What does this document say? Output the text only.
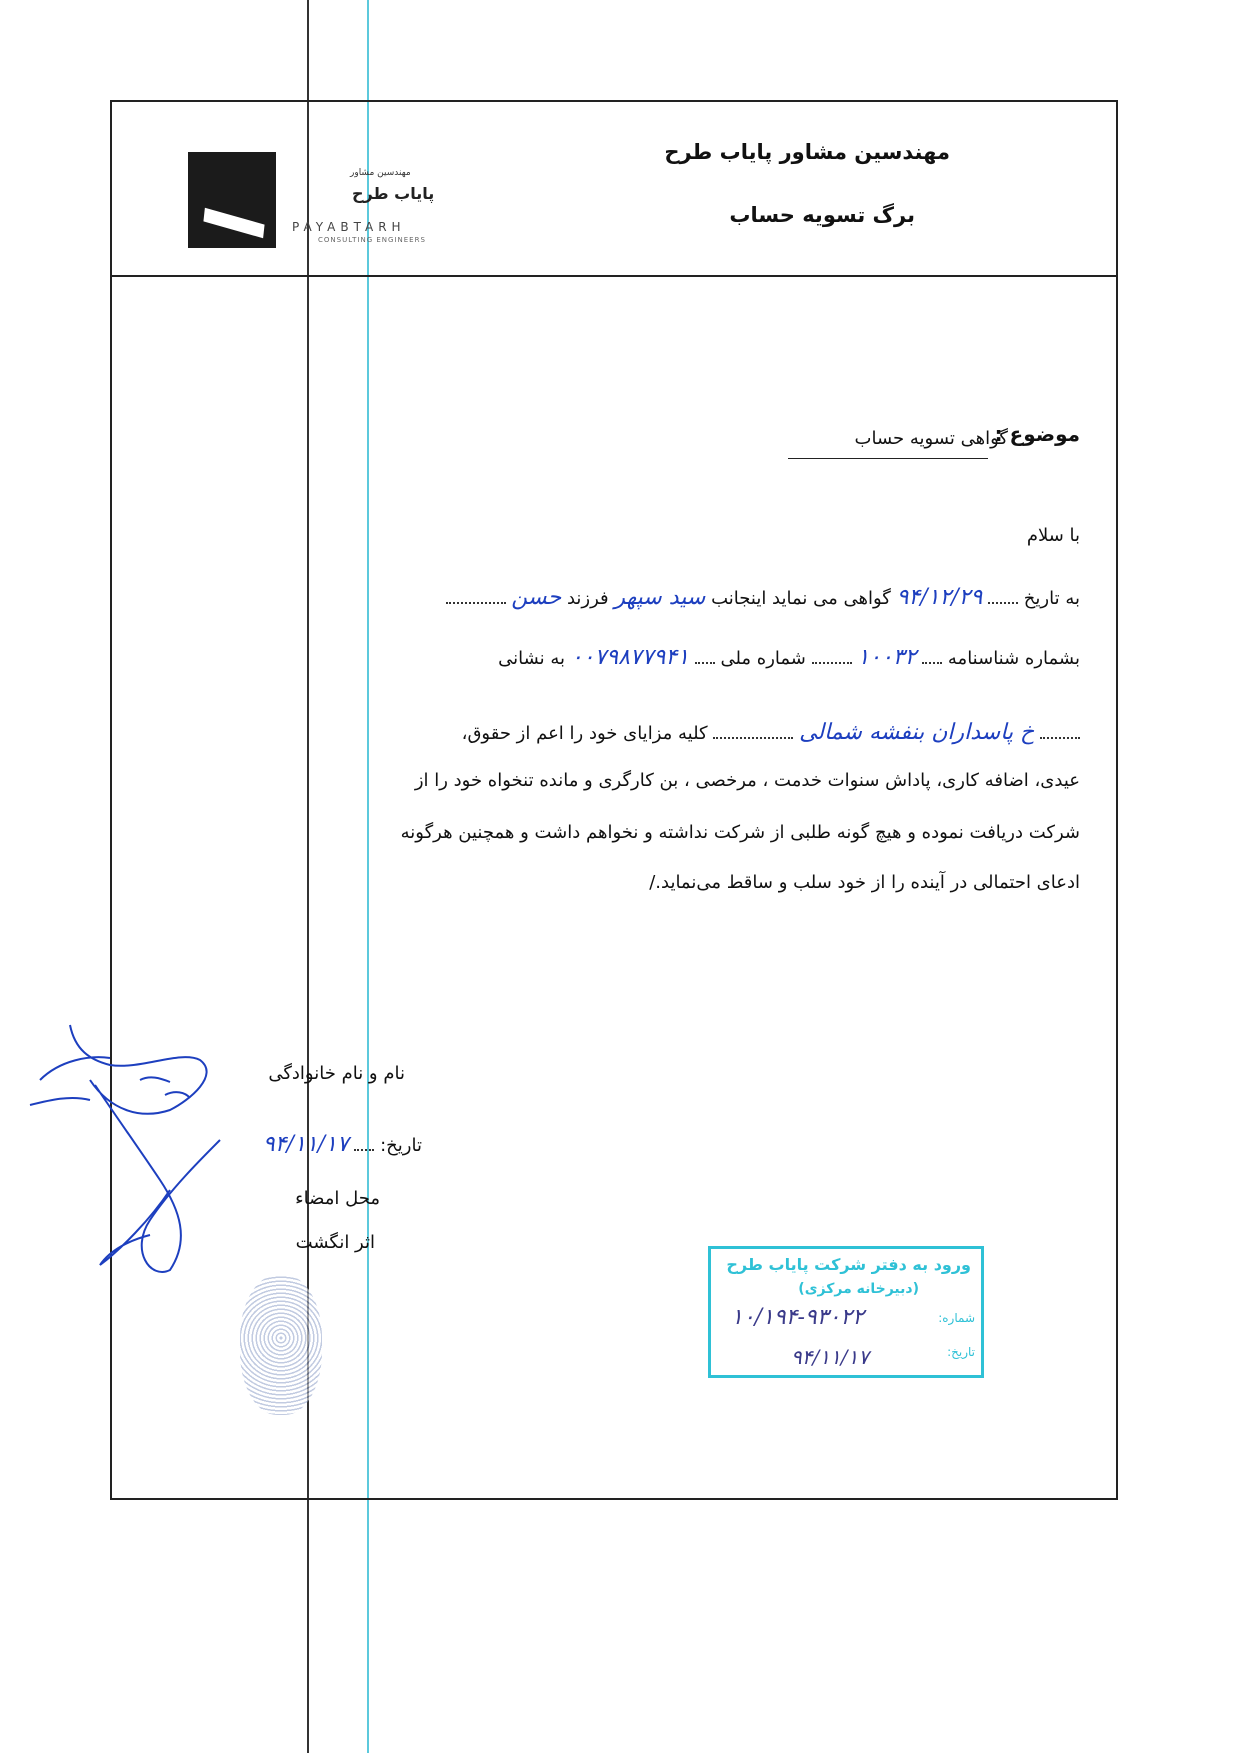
مهندسین مشاور
پایاب طرح
PAYABTARH
CONSULTING ENGINEERS
مهندسین مشاور پایاب طرح
برگ تسویه حساب
موضوع :
گواهی تسویه حساب
با سلام
به تاریخ  ۹۴/۱۲/۲۹ گواهی می نماید اینجانب سید سپهر فرزند حسن
بشماره شناسنامه  ۱۰۰۳۲  شماره ملی  ۰۰۷۹۸۷۷۹۴۱ به نشانی
خ پاسداران بنفشه شمالی  کلیه مزایای خود را اعم از حقوق،
عیدی، اضافه کاری، پاداش سنوات خدمت ، مرخصی ، بن کارگری و مانده تنخواه خود را از
شرکت دریافت نموده و هیچ گونه طلبی از شرکت نداشته و نخواهم داشت و همچنین هرگونه
ادعای احتمالی در آینده را از خود سلب و ساقط می‌نماید./
نام و نام خانوادگی
تاریخ:  ۹۴/۱۱/۱۷
محل امضاء
اثر انگشت
ورود به دفتر شرکت پایاب طرح
(دبیرخانه مرکزی)
شماره:
۱۰/۱۹۴-۹۳۰۲۲
تاریخ:
۹۴/۱۱/۱۷
